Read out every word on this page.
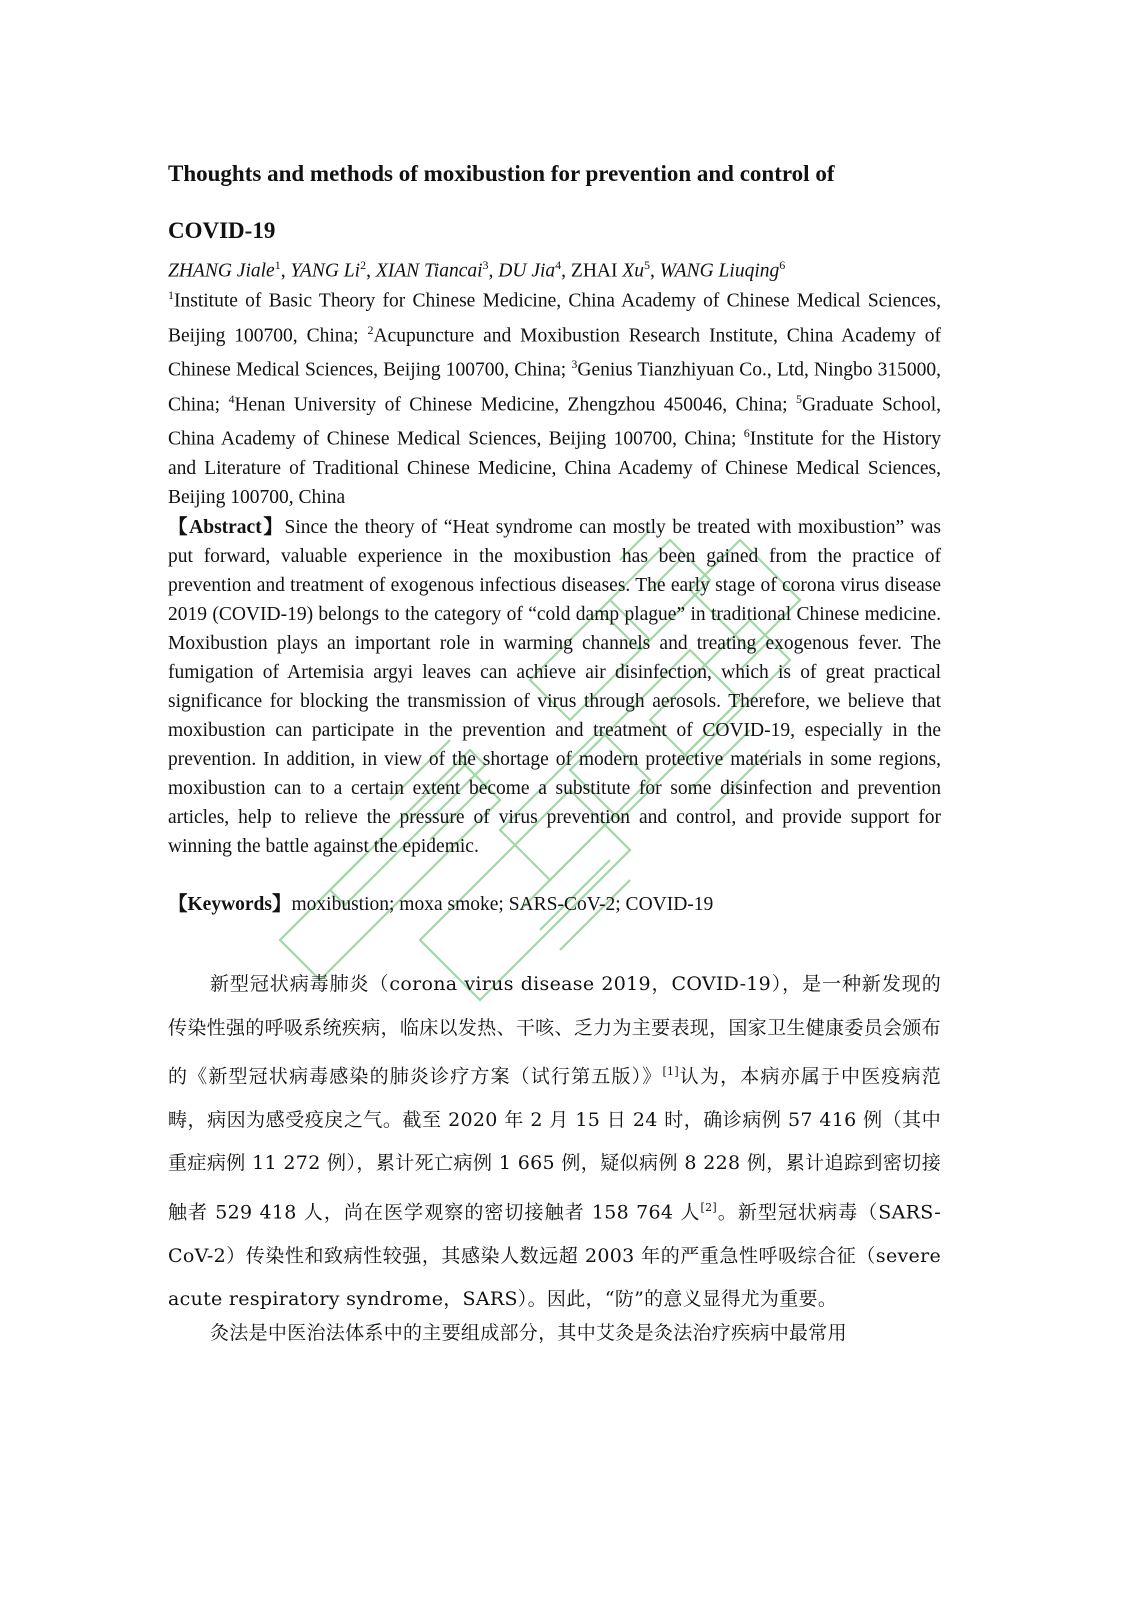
Thoughts and methods of moxibustion for prevention and control of
COVID-19
ZHANG Jiale$^1$, YANG Li$^2$, XIAN Tiancai$^3$, DU Jia$^4$, ZHAI Xu$^5$, WANG Liuqing$^6$
$^1$Institute of Basic Theory for Chinese Medicine, China Academy of Chinese Medical Sciences, Beijing 100700, China; $^2$Acupuncture and Moxibustion Research Institute, China Academy of Chinese Medical Sciences, Beijing 100700, China; $^3$Genius Tianzhiyuan Co., Ltd, Ningbo 315000, China; $^4$Henan University of Chinese Medicine, Zhengzhou 450046, China; $^5$Graduate School, China Academy of Chinese Medical Sciences, Beijing 100700, China; $^6$Institute for the History and Literature of Traditional Chinese Medicine, China Academy of Chinese Medical Sciences, Beijing 100700, China
【Abstract】Since the theory of “Heat syndrome can mostly be treated with moxibustion” was put forward, valuable experience in the moxibustion has been gained from the practice of prevention and treatment of exogenous infectious diseases. The early stage of corona virus disease 2019 (COVID-19) belongs to the category of “cold damp plague” in traditional Chinese medicine. Moxibustion plays an important role in warming channels and treating exogenous fever. The fumigation of Artemisia argyi leaves can achieve air disinfection, which is of great practical significance for blocking the transmission of virus through aerosols. Therefore, we believe that moxibustion can participate in the prevention and treatment of COVID-19, especially in the prevention. In addition, in view of the shortage of modern protective materials in some regions, moxibustion can to a certain extent become a substitute for some disinfection and prevention articles, help to relieve the pressure of virus prevention and control, and provide support for winning the battle against the epidemic.
【Keywords】moxibustion; moxa smoke; SARS-CoV-2; COVID-19
新型冠状病毒肺炎（corona virus disease 2019，COVID-19），是一种新发现的传染性强的呼吸系统疾病，临床以发热、干咳、乏力为主要表现，国家卫生健康委员会颁布的《新型冠状病毒感染的肺炎诊疗方案（试行第五版）》[1]认为，本病亦属于中医疫病范畴，病因为感受疫戾之气。截至 2020 年 2 月 15 日 24 时，确诊病例 57 416 例（其中重症病例 11 272 例），累计死亡病例 1 665 例，疑似病例 8 228 例，累计追踪到密切接触者 529 418 人，尚在医学观察的密切接触者 158 764 人[2]。新型冠状病毒（SARS-CoV-2）传染性和致病性较强，其感染人数远超 2003 年的严重急性呼吸综合征（severe acute respiratory syndrome，SARS）。因此，“防”的意义显得尤为重要。
灸法是中医治法体系中的主要组成部分，其中艾灸是灸法治疗疾病中最常用
